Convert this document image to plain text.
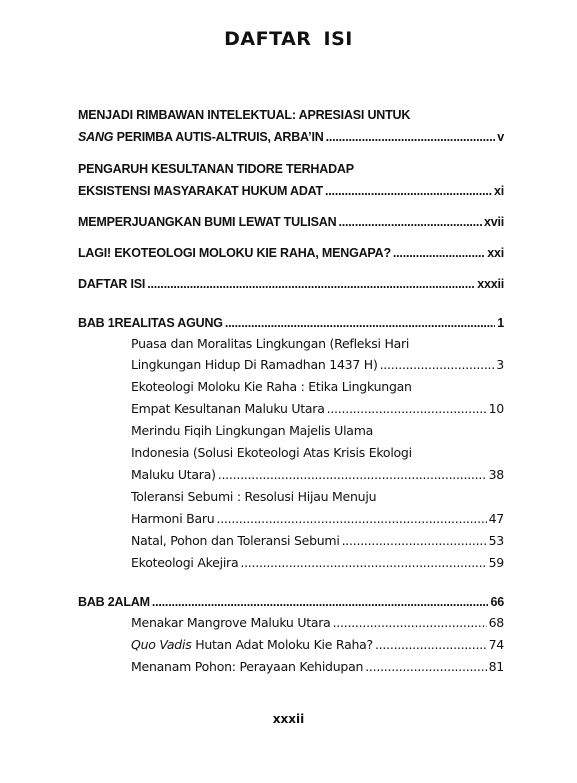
DAFTAR ISI
MENJADI RIMBAWAN INTELEKTUAL: APRESIASI UNTUK
SANG PERIMBA AUTIS-ALTRUIS, ARBA’IN .....	v
PENGARUH KESULTANAN TIDORE TERHADAP
EKSISTENSI MASYARAKAT HUKUM ADAT .....	xi
MEMPERJUANGKAN BUMI LEWAT TULISAN .....	xvii
LAGI! EKOTEOLOGI MOLOKU KIE RAHA, MENGAPA? .....	xxi
DAFTAR ISI .....	xxxii
BAB 1 REALITAS AGUNG .....	1
Puasa dan Moralitas Lingkungan (Refleksi Hari
Lingkungan Hidup Di Ramadhan 1437 H) .....	3
Ekoteologi Moloku Kie Raha : Etika Lingkungan
Empat Kesultanan Maluku Utara .....	10
Merindu Fiqih Lingkungan Majelis Ulama
Indonesia (Solusi Ekoteologi Atas Krisis Ekologi
Maluku Utara) .....	38
Toleransi Sebumi : Resolusi Hijau Menuju
Harmoni Baru .....	47
Natal, Pohon dan Toleransi Sebumi .....	53
Ekoteologi Akejira .....	59
BAB 2 ALAM .....	66
Menakar Mangrove Maluku Utara .....	68
Quo Vadis Hutan Adat Moloku Kie Raha? .....	74
Menanam Pohon: Perayaan Kehidupan .....	81
xxxii
